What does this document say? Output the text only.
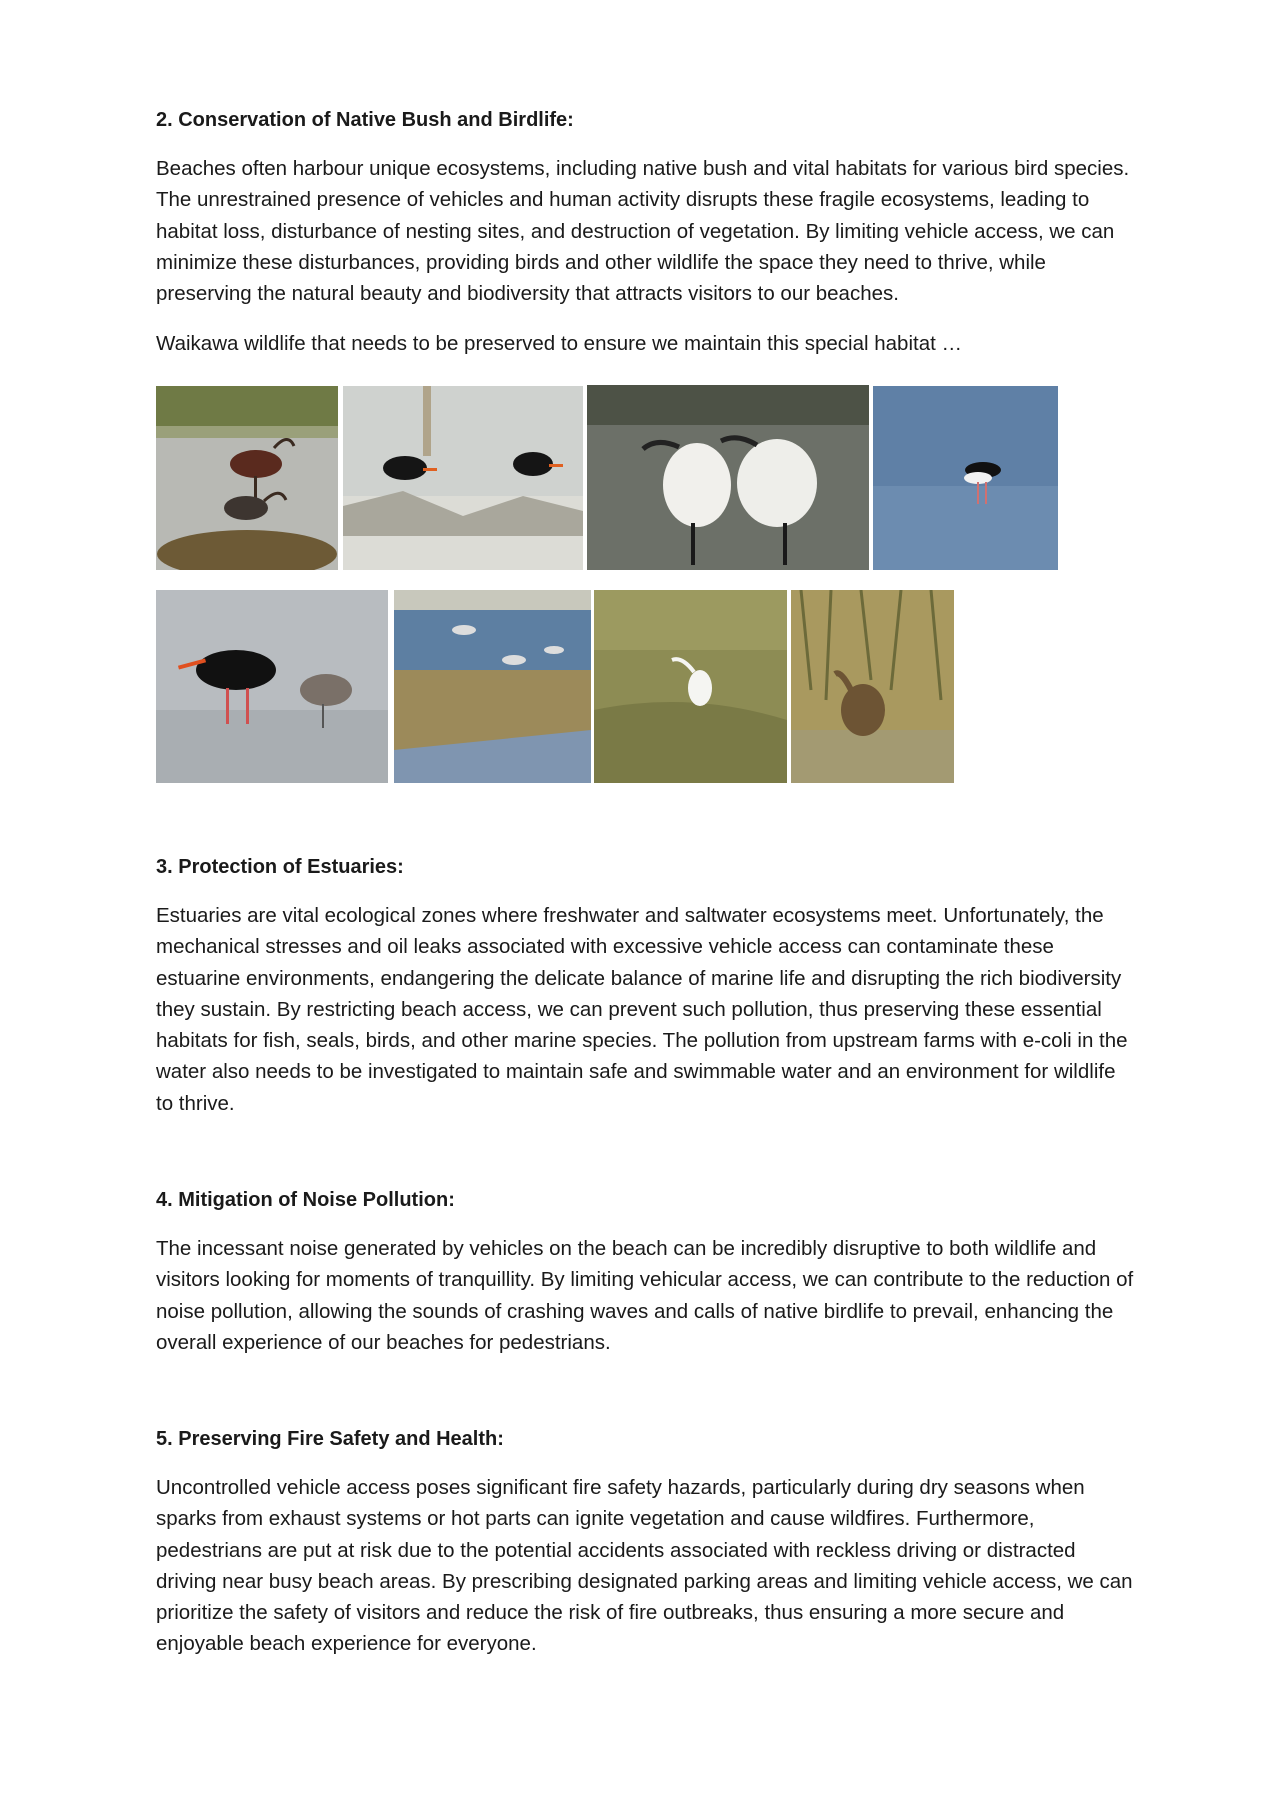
2. Conservation of Native Bush and Birdlife:
Beaches often harbour unique ecosystems, including native bush and vital habitats for various bird species. The unrestrained presence of vehicles and human activity disrupts these fragile ecosystems, leading to habitat loss, disturbance of nesting sites, and destruction of vegetation. By limiting vehicle access, we can minimize these disturbances, providing birds and other wildlife the space they need to thrive, while preserving the natural beauty and biodiversity that attracts visitors to our beaches.
Waikawa wildlife that needs to be preserved to ensure we maintain this special habitat …
3. Protection of Estuaries:
Estuaries are vital ecological zones where freshwater and saltwater ecosystems meet. Unfortunately, the mechanical stresses and oil leaks associated with excessive vehicle access can contaminate these estuarine environments, endangering the delicate balance of marine life and disrupting the rich biodiversity they sustain. By restricting beach access, we can prevent such pollution, thus preserving these essential habitats for fish, seals, birds, and other marine species. The pollution from upstream farms with e-coli in the water also needs to be investigated to maintain safe and swimmable water and an environment for wildlife to thrive.
4. Mitigation of Noise Pollution:
The incessant noise generated by vehicles on the beach can be incredibly disruptive to both wildlife and visitors looking for moments of tranquillity. By limiting vehicular access, we can contribute to the reduction of noise pollution, allowing the sounds of crashing waves and calls of native birdlife to prevail, enhancing the overall experience of our beaches for pedestrians.
5. Preserving Fire Safety and Health:
Uncontrolled vehicle access poses significant fire safety hazards, particularly during dry seasons when sparks from exhaust systems or hot parts can ignite vegetation and cause wildfires. Furthermore, pedestrians are put at risk due to the potential accidents associated with reckless driving or distracted driving near busy beach areas. By prescribing designated parking areas and limiting vehicle access, we can prioritize the safety of visitors and reduce the risk of fire outbreaks, thus ensuring a more secure and enjoyable beach experience for everyone.
